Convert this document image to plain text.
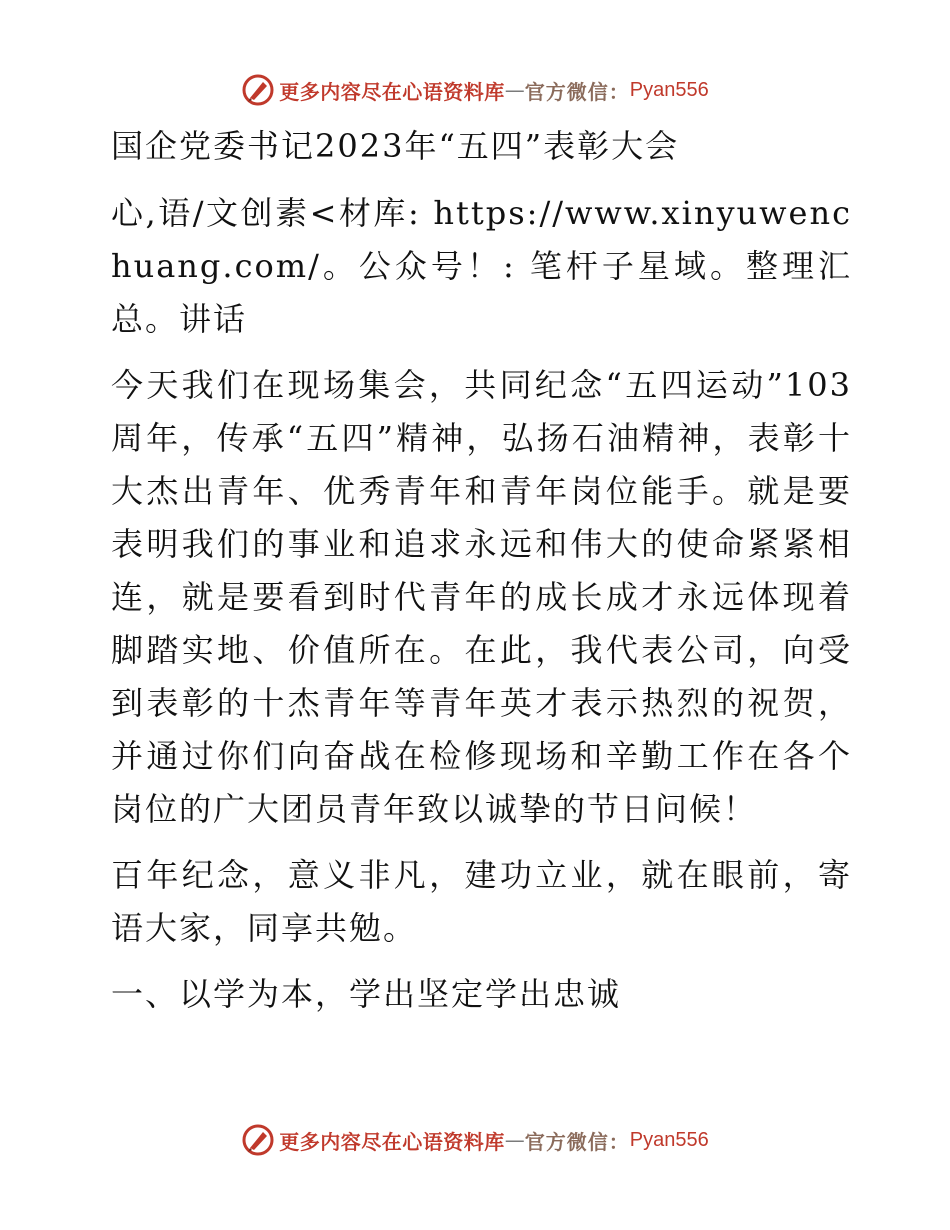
更多内容尽在心语资料库 — 官方微信： Pyan556
国企党委书记2023年“五四”表彰大会
心,语/文创素<材库: https://www.xinyuwenchuang.com/。公众号！: 笔杆子星域。整理汇总。讲话
今天我们在现场集会，共同纪念“五四运动”103周年，传承“五四”精神，弘扬石油精神，表彰十大杰出青年、优秀青年和青年岗位能手。就是要表明我们的事业和追求永远和伟大的使命紧紧相连，就是要看到时代青年的成长成才永远体现着脚踏实地、价值所在。在此，我代表公司，向受到表彰的十杰青年等青年英才表示热烈的祝贺，并通过你们向奋战在检修现场和辛勤工作在各个岗位的广大团员青年致以诚挚的节日问候！
百年纪念，意义非凡，建功立业，就在眼前，寄语大家，同享共勉。
一、以学为本，学出坚定学出忠诚
更多内容尽在心语资料库 — 官方微信： Pyan556
